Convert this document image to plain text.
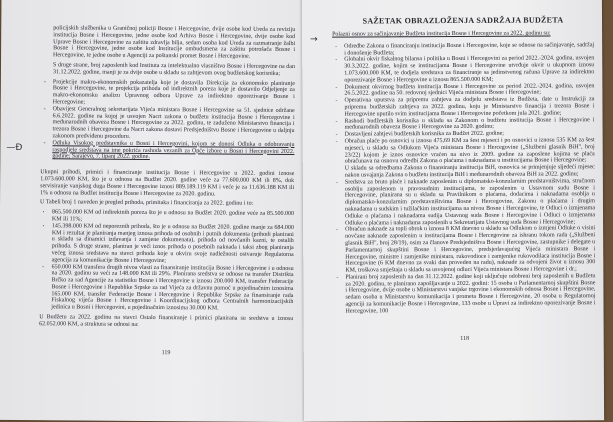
policijskih službenika u Graničnoj policiji Bosne i Hercegovine, dvije osobe kod Ureda za reviziju institucija Bosne i Hercegovine, jedne osobe kod Arhiva Bosne i Hercegovine, dvije osobe kod Uprave Bosne i Hercegovine za zaštitu zdravlja bilja, sedam osoba kod Ureda za razmatranje žalbi Bosne i Hercegovine, jedne osobe kod Institucije ombudsmena za zaštitu potrošača Bosne i Hercegovine, te jedne osobe u Agenciji za poštanski promet Bosne i Hercegovine.

S druge strane, broj zaposlenih kod Instituta za intelektualno vlasništvo Bosne i Hercegovine na dan 31.12.2022. godine, manji je za dvije osobe u skladu sa zahtjevom ovog budžetskog korisnika;

- Projekcije makro-ekonomskih pokazatelja koje je dostavila Direkcija za ekonomsko planiranje Bosne i Hercegovine, te projekcija prihoda od indirektnih poreza koje je dostavilo Odjeljenje za makro-ekonomsku analizu Upravnog odbora Uprave za indirektno oporezivanje Bosne i Hercegovine;
- Obavijest Generalnog sekretarijata Vijeća ministara Bosne i Hercegovine sa 51. sjednice održane 6.6.2022. godine na kojoj je usvojen Nacrt zakona o budžetu institucija Bosne i Hercegovine i međunarodnih obaveza Bosne i Hercegovine za 2022. godinu, te zaduženo Ministarstvo financija i trezora Bosne i Hercegovine da Nacrt zakona dostavi Predsjedništvu Bosne i Hercegovine u daljnju zakonom predviđenu proceduru.
- Odluka Visokog predstavnika u Bosni i Hercegovini, kojom se donosi Odluka o odobravanju raspodjele sredstava na ime pokrića rashoda vezanih za Opće izbore u Bosni i Hercegovini 2022. godine; Sarajevo, 7. lipanj 2022. godine.

Ukupni prihodi, primici i financiranje institucija Bosne i Hercegovine u 2022. godini iznose 1.073.600.000 KM, što je u odnosu na Budžet 2020. godine veće za 77.600.000 KM ili 8%, dok servisiranje vanjskog duga Bosne i Hercegovine iznosi 889.189.119 KM i veće je za 11.636.188 KM ili 1% u odnosu na Budžet institucija Bosne i Hercegovine za 2020. godinu.

U Tabeli broj 1 naveden je pregled prihoda, primitaka i financiranja za 2022. godinu i to:

• 865.500.000 KM od indirektnih poreza što je u odnosu na Budžet 2020. godine veće za 85.500.000 KM ili 11%;
• 145.398.000 KM od neporeznih prihoda, što je u odnosu na Budžet 2020. godine manje za 684.000 KM i rezultat je planiranja manjeg iznosa prihoda od osobnih i putnih dokumenta (prihodi planirani u skladu sa dinamici izdavanja i zamjene dokumenata), prihoda od novčanih kazni, te ostalih prihoda. S druge strane, planiran je veći iznos prihoda o posebnih naknada i taksi zbog planiranja većeg iznosa sredstava na stavci prihoda koje u okviru svoje nadležnosti ostvaruje Regulatorna agencija za komunikacije Bosne i Hercegovine;
• 650.000 KM transfera drugih nivoa vlasti za finansiranje institucija Bosne i Hercegovine i u odnosu na 2020. godinu su veći za 148.000 KM ili 29%. Planirana sredstva se odnose na transfer Distrikta Brčko za rad Agencije za statistiku Bosne i Hercegovine u iznosu 200.000 KM, transfer Federacije Bosne i Hercegovine i Republike Srpske za rad Vijeća za državnu pomoć u pojedinačnim iznosima 165.000 KM, transfer Federacije Bosne i Hercegovine i Republike Srpske za finansiranje rada Fiskalnog vijeća Bosne i Hercegovine i Koordinacijskog odbora Centralnih harmonizacijskih jedinica u Bosni i Hercegovini, u pojedinačnim iznosima 30.000 KM.

U Budžetu za 2022. godinu na stavci Ostalo finansiranje i primici planirana su sredstva u iznosu 62.052.000 KM, a struktura se odnosi na:

119
—Ð
→
SAŽETAK OBRAZLOŽENJA SADRŽAJA BUDŽETA
Polazni osnov za sačinjavanje Budžeta institucija Bosne i Hercegovine za 2022. godinu su:
- Odredbe Zakona o financiranju institucija Bosne i Hercegovine, koje se odnose na sačinjavanje, sadržaj i donošenje Budžeta;
- Globalni okvir fiskalnog bilansa i politika u Bosni i Hercegovini za period 2022.-2024. godina, usvojen 30.3.2022. godine, kojim se institucijama Bosne i Hercegovine utvrđuje okvir u ukupnom iznosu 1.073.600.000 KM, te dodjela sredstava za financiranje sa jedinstvenog računa Uprave za indirektno oporezivanje Bosne i Hercegovine u iznosu 865.500.000 KM;
- Dokument okvirnog budžeta institucija Bosne i Hercegovine za period 2022.-2024. godina, usvojen 26.5.2022. godine na 50. redovnoj sjednici Vijeća ministara Bosne i Hercegovine;
- Operativna uputstva za pripremu zahtjeva za dodjelu sredstava iz Budžeta, date u Instrukciji za pripremu budžetskih zahtjeva za 2022. godinu, koju je Ministarstvo financija i trezora Bosne i Hercegovine uputilo svim institucijama Bosne i Hercegovine početkom jula 2021. godine;
- Rashodi budžetskih korisnika u skladu sa Zakonom o budžetu institucija Bosne i Hercegovine i međunarodnih obaveza Bosne i Hercegovine za 2020. godinu;
- Dostavljeni zahtjevi budžetskih korisnika za Budžet 2022. godine;
- Obračun plaće po osnovici u iznosu 475,69 KM za šest mjeseci i po osnovici u iznosu 535 KM za šest mjeseci, u skladu sa Odlukom Vijeća ministara Bosne i Hercegovine („Službeni glasnik BiH", broj 23/22) kojom je iznos osnovice vraćen na nivo iz 2009. godine za zaposlene kojima se plaća obračunava na osnovu odredbi Zakona o plaćama i naknadama u institucijama Bosne i Hercegovine;
U skladu sa odredbama Zakona o finansiranju institucija BiH, osnovica se primjenjuje sljedeći mjesec nakon usvajanja Zakona o budžetu institucija BiH i međunarodnih obaveza BiH za 2022. godinu;
- Sredstva za bruto plaće i naknade zaposlenim u diplomatsko-konzularnim predstavništvima, stručnom osoblju zaposlenom u pravosudnim institucijama, te zaposlenim u Ustavnom sudu Bosne i Hercegovine, planirana su u skladu sa Pravilnikom o plaćama, dodacima i naknadama osoblja u diplomatsko-konzularnim predstavništvima Bosne i Hercegovine, Zakonu o plaćama i drugim naknadama u sudskim i tužilačkim institucijama na nivou Bosne i Hercegovine, te Odluci o izmjenama Odluke o plaćama i naknadama sudija Ustavnog suda Bosne i Hercegovine i Odluci o izmjenama Odluke o plaćama i naknadama zaposlenih u Sekretarijatu Ustavnog suda Bosne i Hercegovine;
- Obračun naknade za topli obrok u iznosu 8 KM dnevno u skladu sa Odlukom o izmjeni Odluke o visini novčane naknade zaposlenim u institucijama Bosne i Hercegovine za ishranu tokom rada („Službeni glasnik BiH", broj 28/19), osim za članove Predsjedništva Bosne i Hercegovine, zastupnike i delegate u Parlamentarnoj skupštini Bosne i Hercegovine, predsjedavajućeg Vijeća ministara Bosne i Hercegovine, ministre i zamjenike ministara, rukovodioce i zamjenike rukovodilaca institucija Bosne i Hercegovine (6 KM dnevno za svaki dan proveden na radu), naknade za odvojeni život u iznosu 300 KM, troškova smještaja u skladu sa usvojenoj odluci Vijeća ministara Bosne i Hercegovine i dr.;
- Planirani broj zaposlenih na dan 31.12.2022. godine koji uključuje odobreni broj zaposlenih u Budžetu za 2020. godinu, te planirano zapošljavanje u 2022. godini: 15 osoba u Parlamentarnoj skupštini Bosne i Hercegovine, dvije osobe u Ministarstvu vanjske trgovine i ekonomskih odnosa Bosne i Hercegovine, sedam osoba u Ministarstvu komunikacija i prometa Bosne i Hercegovine, 20 osoba u Regulatornoj agenciji za komunikacije Bosne i Hercegovine, 133 osobe u Upravi za indirektno oporezivanje Bosne i Hercegovine, 100
118
